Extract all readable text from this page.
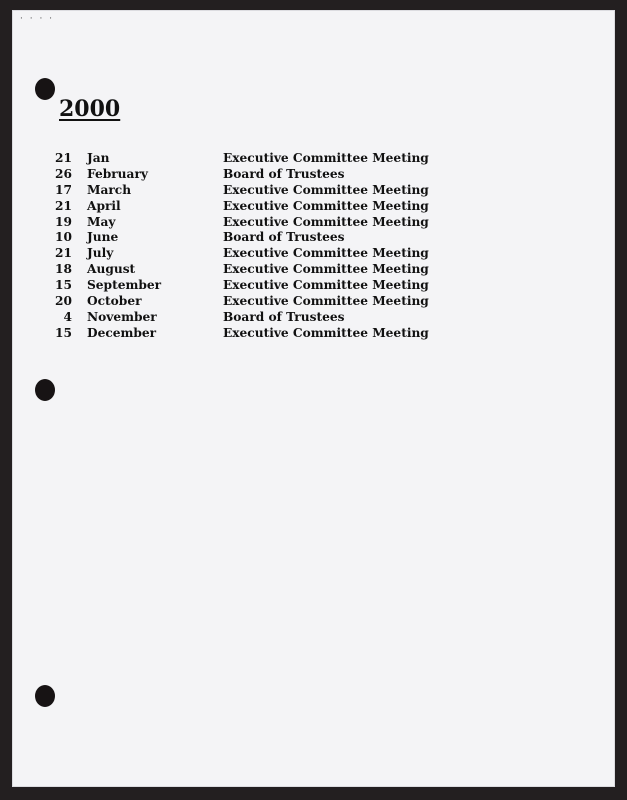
· · · ·
2000
21	Jan	Executive Committee Meeting
26	February	Board of Trustees
17	March	Executive Committee Meeting
21	April	Executive Committee Meeting
19	May	Executive Committee Meeting
10	June	Board of Trustees
21	July	Executive Committee Meeting
18	August	Executive Committee Meeting
15	September	Executive Committee Meeting
20	October	Executive Committee Meeting
4	November	Board of Trustees
15	December	Executive Committee Meeting
